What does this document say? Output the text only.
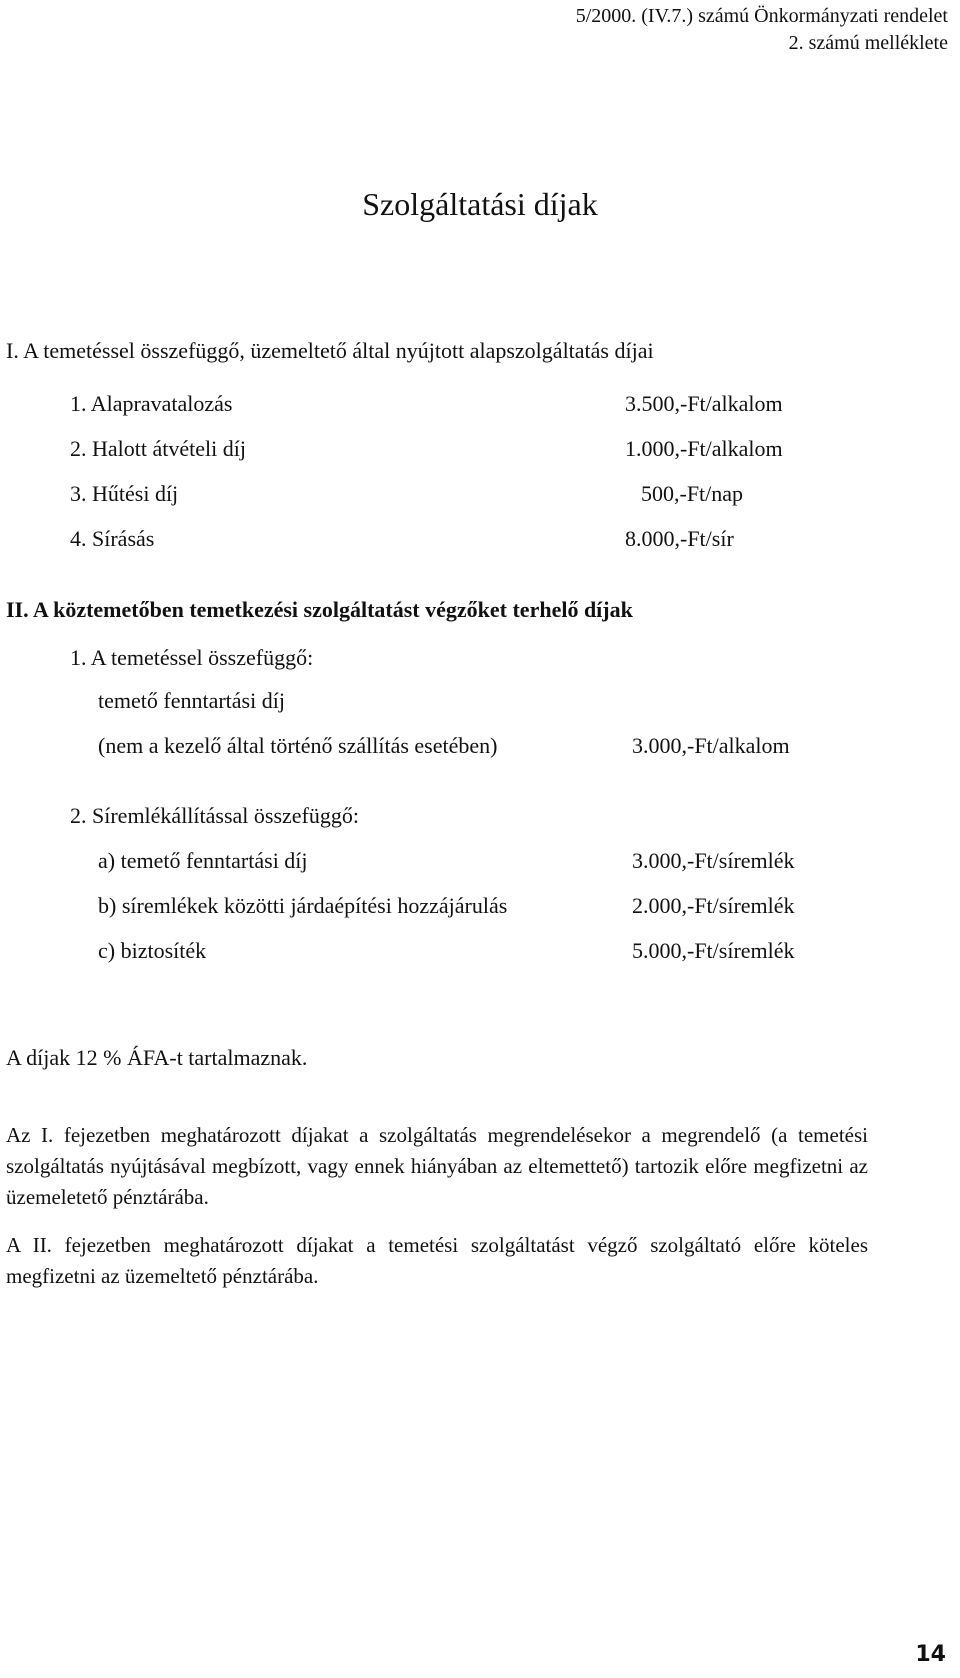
5/2000. (IV.7.) számú Önkormányzati rendelet
2. számú melléklete
Szolgáltatási díjak
I. A temetéssel összefüggő, üzemeltető által nyújtott alapszolgáltatás díjai
1. Alapravatalozás	3.500,-Ft/alkalom
2. Halott átvételi díj	1.000,-Ft/alkalom
3. Hűtési díj	500,-Ft/nap
4. Sírásás	8.000,-Ft/sír
II. A köztemetőben temetkezési szolgáltatást végzőket terhelő díjak
1. A temetéssel összefüggő:
temető fenntartási díj
(nem a kezelő által történő szállítás esetében)	3.000,-Ft/alkalom
2. Síremlékállítással összefüggő:
a) temető fenntartási díj	3.000,-Ft/síremlék
b) síremlékek közötti járdaépítési hozzájárulás	2.000,-Ft/síremlék
c) biztosíték	5.000,-Ft/síremlék
A díjak 12 % ÁFA-t tartalmaznak.
Az I. fejezetben meghatározott díjakat a szolgáltatás megrendelésekor a megrendelő (a temetési szolgáltatás nyújtásával megbízott, vagy ennek hiányában az eltemettető) tartozik előre megfizetni az üzemeletető pénztárába.
A II. fejezetben meghatározott díjakat a temetési szolgáltatást végző szolgáltató előre köteles megfizetni az üzemeltető pénztárába.
14
